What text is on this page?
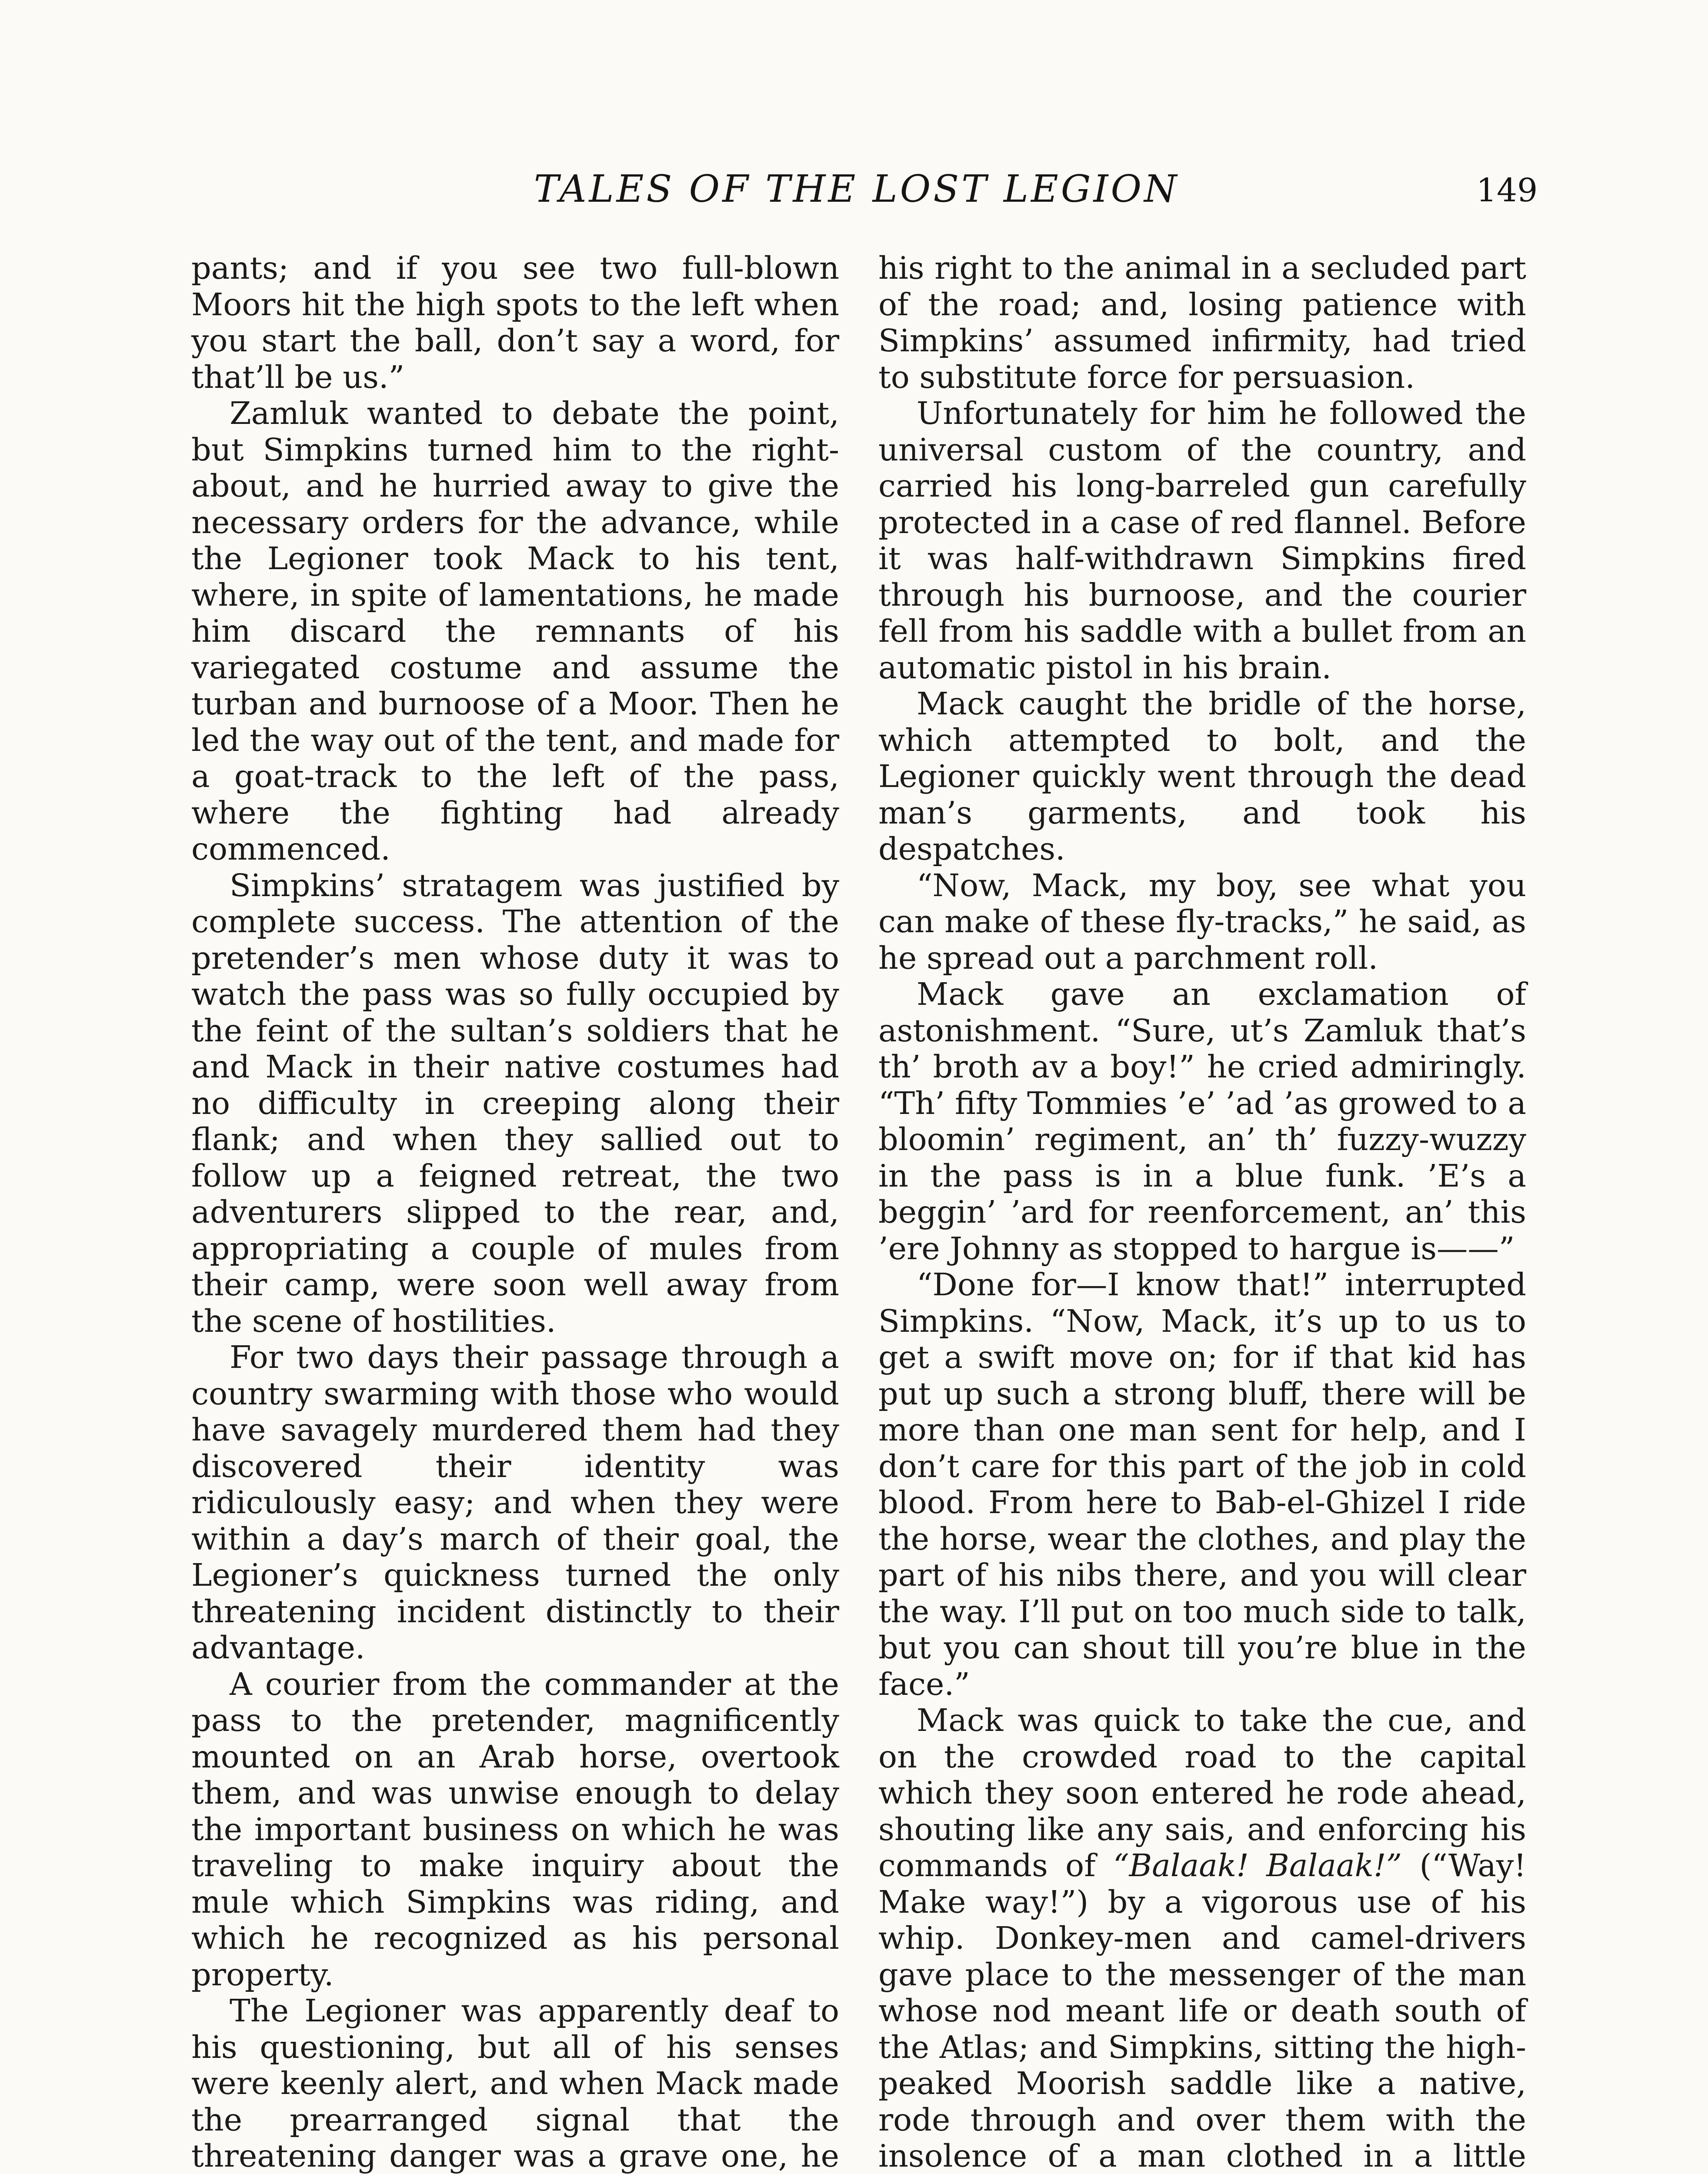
TALES OF THE LOST LEGION	149

pants; and if you see two full-blown Moors hit the high spots to the left when you start the ball, don’t say a word, for that’ll be us.”

Zamluk wanted to debate the point, but Simpkins turned him to the right-about, and he hurried away to give the necessary orders for the advance, while the Legioner took Mack to his tent, where, in spite of lamentations, he made him discard the remnants of his variegated costume and assume the turban and burnoose of a Moor. Then he led the way out of the tent, and made for a goat-track to the left of the pass, where the fighting had already commenced.

Simpkins’ stratagem was justified by complete success. The attention of the pretender’s men whose duty it was to watch the pass was so fully occupied by the feint of the sultan’s soldiers that he and Mack in their native costumes had no difficulty in creeping along their flank; and when they sallied out to follow up a feigned retreat, the two adventurers slipped to the rear, and, appropriating a couple of mules from their camp, were soon well away from the scene of hostilities.

For two days their passage through a country swarming with those who would have savagely murdered them had they discovered their identity was ridiculously easy; and when they were within a day’s march of their goal, the Legioner’s quickness turned the only threatening incident distinctly to their advantage.

A courier from the commander at the pass to the pretender, magnificently mounted on an Arab horse, overtook them, and was unwise enough to delay the important business on which he was traveling to make inquiry about the mule which Simpkins was riding, and which he recognized as his personal property.

The Legioner was apparently deaf to his questioning, but all of his senses were keenly alert, and when Mack made the prearranged signal that the threatening danger was a grave one, he

his right to the animal in a secluded part of the road; and, losing patience with Simpkins’ assumed infirmity, had tried to substitute force for persuasion.

Unfortunately for him he followed the universal custom of the country, and carried his long-barreled gun carefully protected in a case of red flannel. Before it was half-withdrawn Simpkins fired through his burnoose, and the courier fell from his saddle with a bullet from an automatic pistol in his brain.

Mack caught the bridle of the horse, which attempted to bolt, and the Legioner quickly went through the dead man’s garments, and took his despatches.

“Now, Mack, my boy, see what you can make of these fly-tracks,” he said, as he spread out a parchment roll.

Mack gave an exclamation of astonishment. “Sure, ut’s Zamluk that’s th’ broth av a boy!” he cried admiringly. “Th’ fifty Tommies ’e’ ’ad ’as growed to a bloomin’ regiment, an’ th’ fuzzy-wuzzy in the pass is in a blue funk. ’E’s a beggin’ ’ard for reenforcement, an’ this ’ere Johnny as stopped to hargue is——”

“Done for—I know that!” interrupted Simpkins. “Now, Mack, it’s up to us to get a swift move on; for if that kid has put up such a strong bluff, there will be more than one man sent for help, and I don’t care for this part of the job in cold blood. From here to Bab-el-Ghizel I ride the horse, wear the clothes, and play the part of his nibs there, and you will clear the way. I’ll put on too much side to talk, but you can shout till you’re blue in the face.”

Mack was quick to take the cue, and on the crowded road to the capital which they soon entered he rode ahead, shouting like any sais, and enforcing his commands of “Balaak! Balaak!” (“Way! Make way!”) by a vigorous use of his whip. Donkey-men and camel-drivers gave place to the messenger of the man whose nod meant life or death south of the Atlas; and Simpkins, sitting the high-peaked Moorish saddle like a native, rode through and over them with the insolence of a man clothed in a little
